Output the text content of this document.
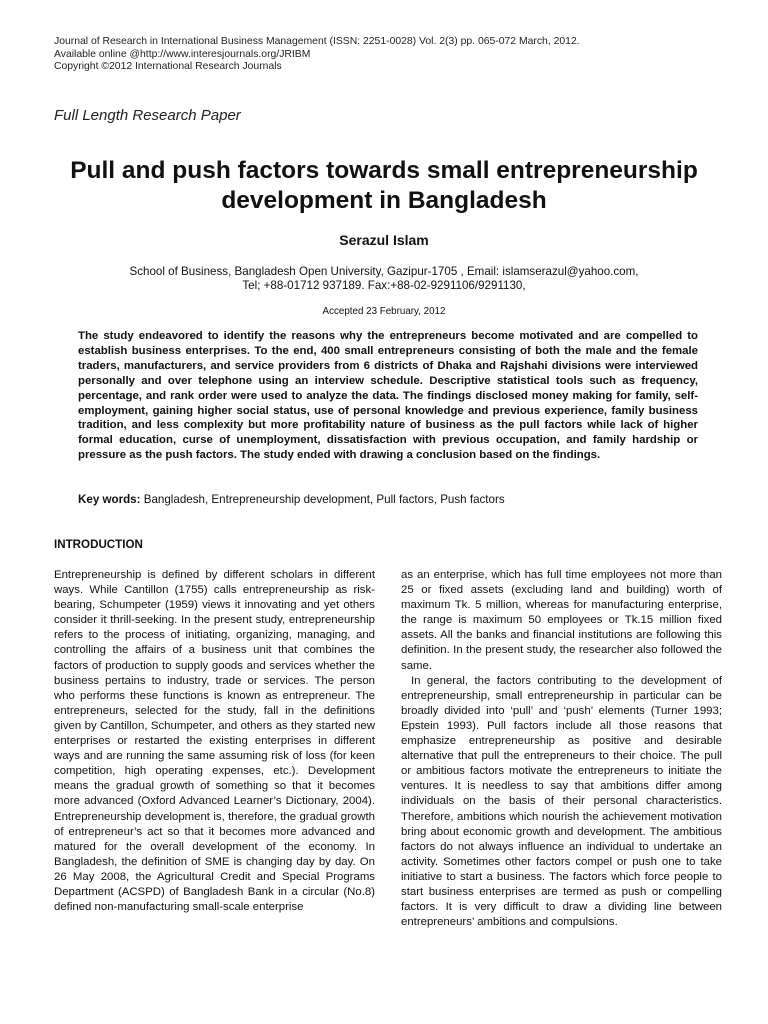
Journal of Research in International Business Management (ISSN: 2251-0028) Vol. 2(3) pp. 065-072 March, 2012.
Available online @http://www.interesjournals.org/JRIBM
Copyright ©2012 International Research Journals
Full Length Research Paper
Pull and push factors towards small entrepreneurship development in Bangladesh
Serazul Islam
School of Business, Bangladesh Open University, Gazipur-1705 , Email: islamserazul@yahoo.com,
Tel; +88-01712 937189. Fax:+88-02-9291106/9291130,
Accepted 23 February, 2012
The study endeavored to identify the reasons why the entrepreneurs become motivated and are compelled to establish business enterprises. To the end, 400 small entrepreneurs consisting of both the male and the female traders, manufacturers, and service providers from 6 districts of Dhaka and Rajshahi divisions were interviewed personally and over telephone using an interview schedule. Descriptive statistical tools such as frequency, percentage, and rank order were used to analyze the data. The findings disclosed money making for family, self-employment, gaining higher social status, use of personal knowledge and previous experience, family business tradition, and less complexity but more profitability nature of business as the pull factors while lack of higher formal education, curse of unemployment, dissatisfaction with previous occupation, and family hardship or pressure as the push factors. The study ended with drawing a conclusion based on the findings.
Key words: Bangladesh, Entrepreneurship development, Pull factors, Push factors
INTRODUCTION

Entrepreneurship is defined by different scholars in different ways. While Cantillon (1755) calls entrepreneurship as risk-bearing, Schumpeter (1959) views it innovating and yet others consider it thrill-seeking. In the present study, entrepreneurship refers to the process of initiating, organizing, managing, and controlling the affairs of a business unit that combines the factors of production to supply goods and services whether the business pertains to industry, trade or services. The person who performs these functions is known as entrepreneur. The entrepreneurs, selected for the study, fall in the definitions given by Cantillon, Schumpeter, and others as they started new enterprises or restarted the existing enterprises in different ways and are running the same assuming risk of loss (for keen competition, high operating expenses, etc.). Development means the gradual growth of something so that it becomes more advanced (Oxford Advanced Learner’s Dictionary, 2004). Entrepreneurship development is, therefore, the gradual growth of entrepreneur’s act so that it becomes more advanced and matured for the overall development of the economy. In Bangladesh, the definition of SME is changing day by day. On 26 May 2008, the Agricultural Credit and Special Programs Department (ACSPD) of Bangladesh Bank in a circular (No.8) defined non-manufacturing small-scale enterprise

as an enterprise, which has full time employees not more than 25 or fixed assets (excluding land and building) worth of maximum Tk. 5 million, whereas for manufacturing enterprise, the range is maximum 50 employees or Tk.15 million fixed assets. All the banks and financial institutions are following this definition. In the present study, the researcher also followed the same.

In general, the factors contributing to the development of entrepreneurship, small entrepreneurship in particular can be broadly divided into ‘pull’ and ‘push’ elements (Turner 1993; Epstein 1993). Pull factors include all those reasons that emphasize entrepreneurship as positive and desirable alternative that pull the entrepreneurs to their choice. The pull or ambitious factors motivate the entrepreneurs to initiate the ventures. It is needless to say that ambitions differ among individuals on the basis of their personal characteristics. Therefore, ambitions which nourish the achievement motivation bring about economic growth and development. The ambitious factors do not always influence an individual to undertake an activity. Sometimes other factors compel or push one to take initiative to start a business. The factors which force people to start business enterprises are termed as push or compelling factors. It is very difficult to draw a dividing line between entrepreneurs’ ambitions and compulsions.
